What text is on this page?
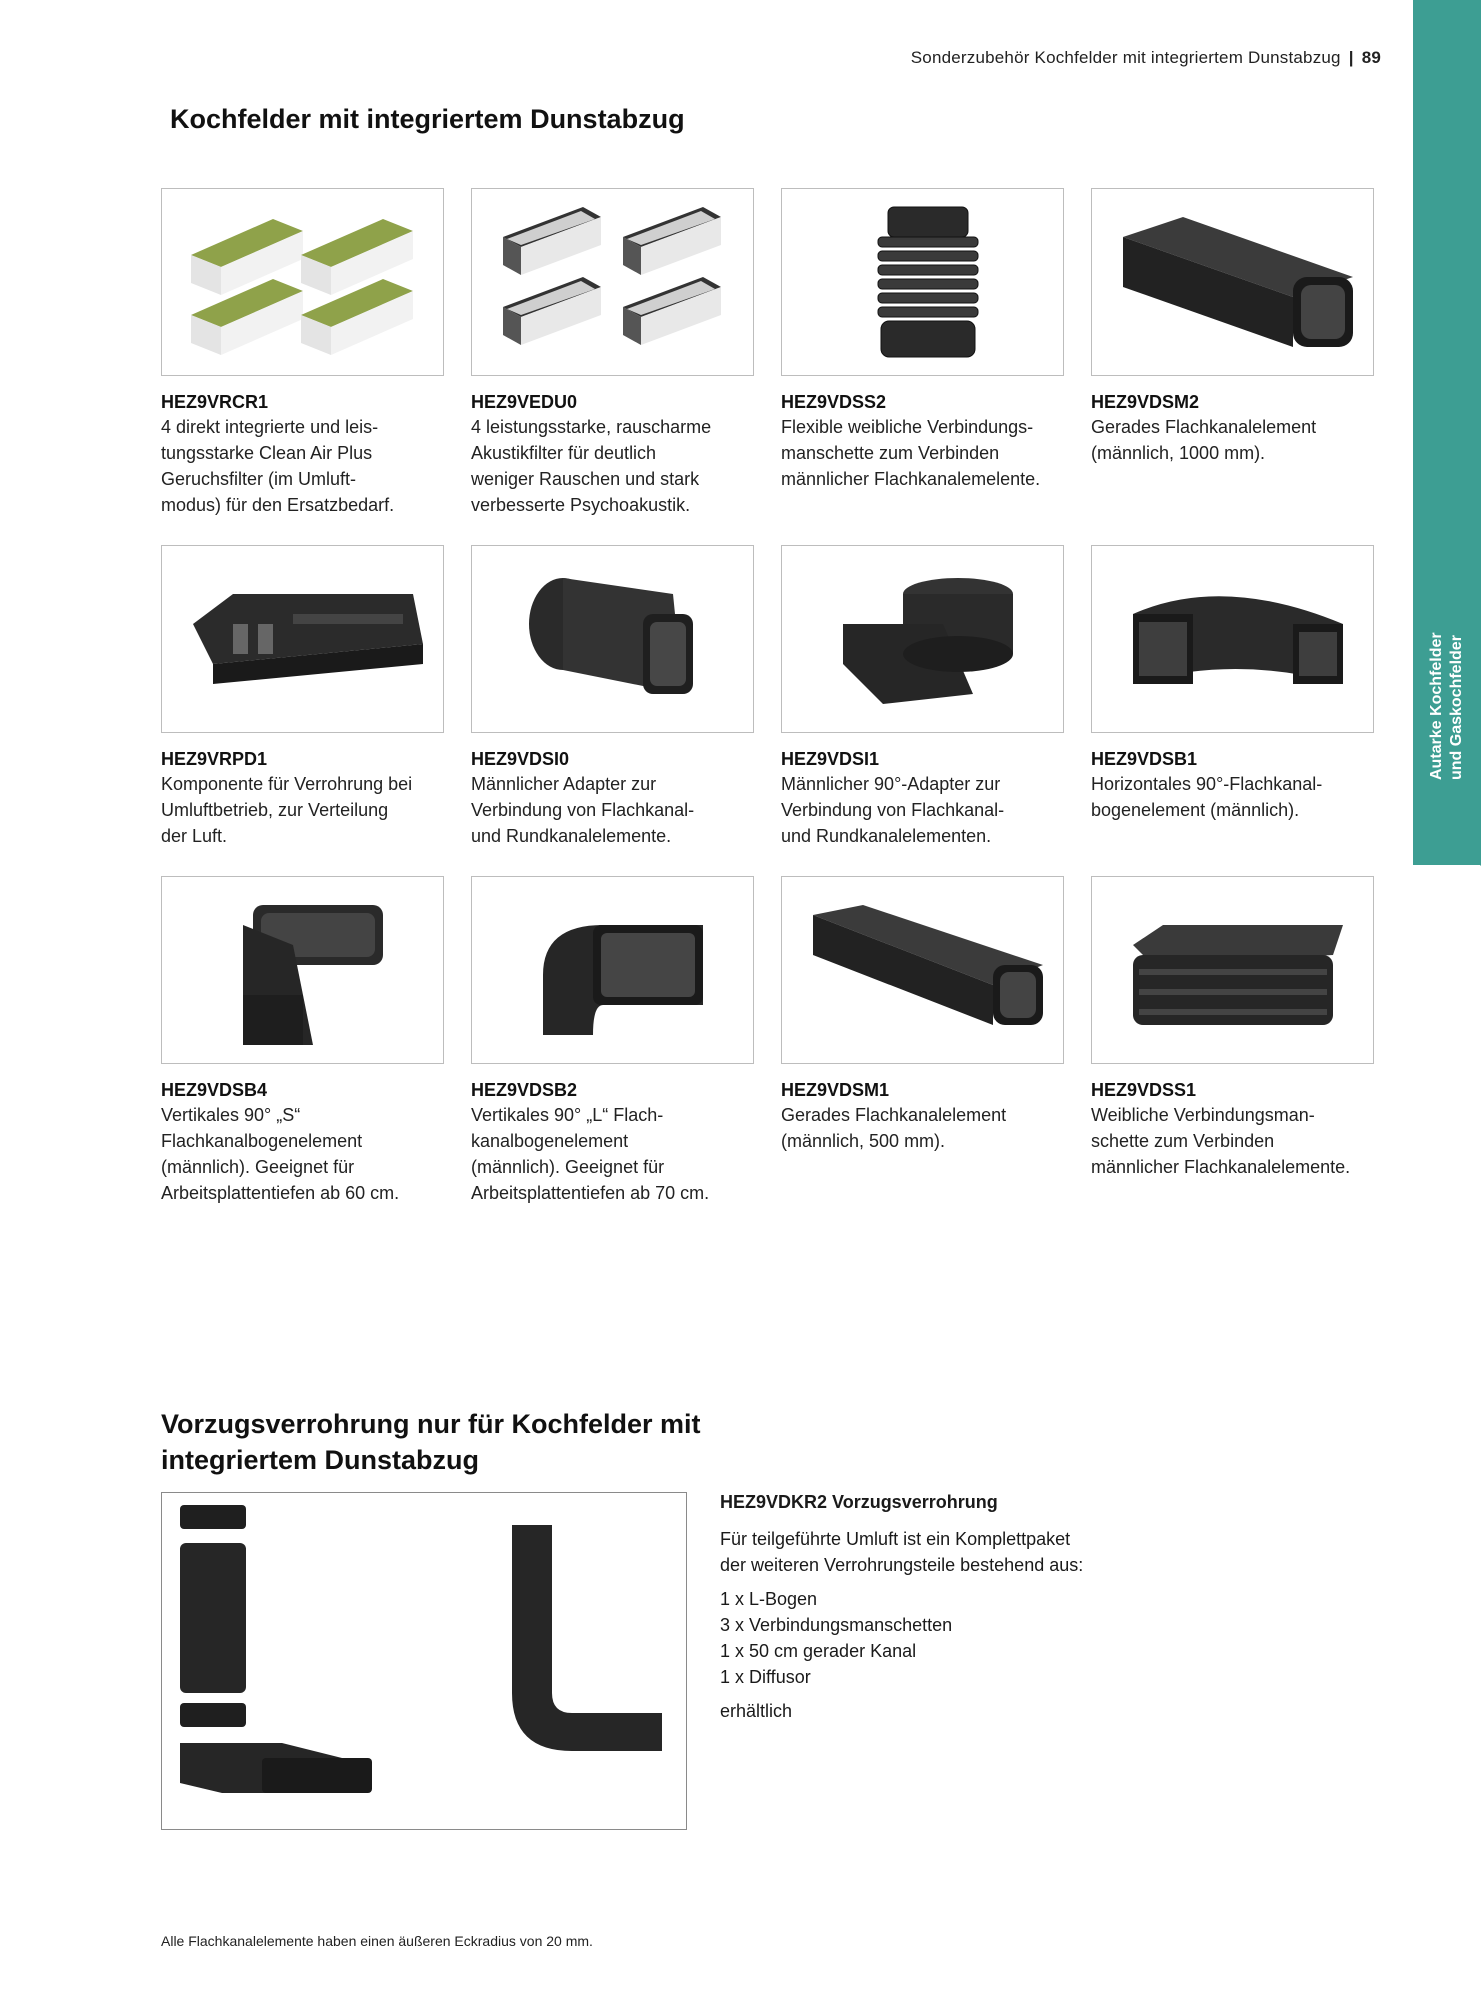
Sonderzubehör Kochfelder mit integriertem Dunstabzug | 89
Autarke Kochfelder und Gaskochfelder
Kochfelder mit integriertem Dunstabzug
HEZ9VRCR1
4 direkt integrierte und leis-
tungsstarke Clean Air Plus
Geruchsfilter (im Umluft-
modus) für den Ersatzbedarf.
HEZ9VEDU0
4 leistungsstarke, rauscharme
Akustikfilter für deutlich
weniger Rauschen und stark
verbesserte Psychoakustik.
HEZ9VDSS2
Flexible weibliche Verbindungs-
manschette zum Verbinden
männlicher Flachkanalemelente.
HEZ9VDSM2
Gerades Flachkanalelement
(männlich, 1000 mm).
HEZ9VRPD1
Komponente für Verrohrung bei
Umluftbetrieb, zur Verteilung
der Luft.
HEZ9VDSI0
Männlicher Adapter zur
Verbindung von Flachkanal-
und Rundkanalelemente.
HEZ9VDSI1
Männlicher 90°-Adapter zur
Verbindung von Flachkanal-
und Rundkanalelementen.
HEZ9VDSB1
Horizontales 90°-Flachkanal-
bogenelement (männlich).
HEZ9VDSB4
Vertikales 90° „S“
Flachkanalbogenelement
(männlich). Geeignet für
Arbeitsplattentiefen ab 60 cm.
HEZ9VDSB2
Vertikales 90° „L“ Flach-
kanalbogenelement
(männlich). Geeignet für
Arbeitsplattentiefen ab 70 cm.
HEZ9VDSM1
Gerades Flachkanalelement
(männlich, 500 mm).
HEZ9VDSS1
Weibliche Verbindungsman-
schette zum Verbinden
männlicher Flachkanalelemente.
Vorzugsverrohrung nur für Kochfelder mit integriertem Dunstabzug
HEZ9VDKR2 Vorzugsverrohrung
Für teilgeführte Umluft ist ein Komplettpaket
der weiteren Verrohrungsteile bestehend aus:
1 x L-Bogen
3 x Verbindungsmanschetten
1 x 50 cm gerader Kanal
1 x Diffusor
erhältlich
Alle Flachkanalelemente haben einen äußeren Eckradius von 20 mm.
